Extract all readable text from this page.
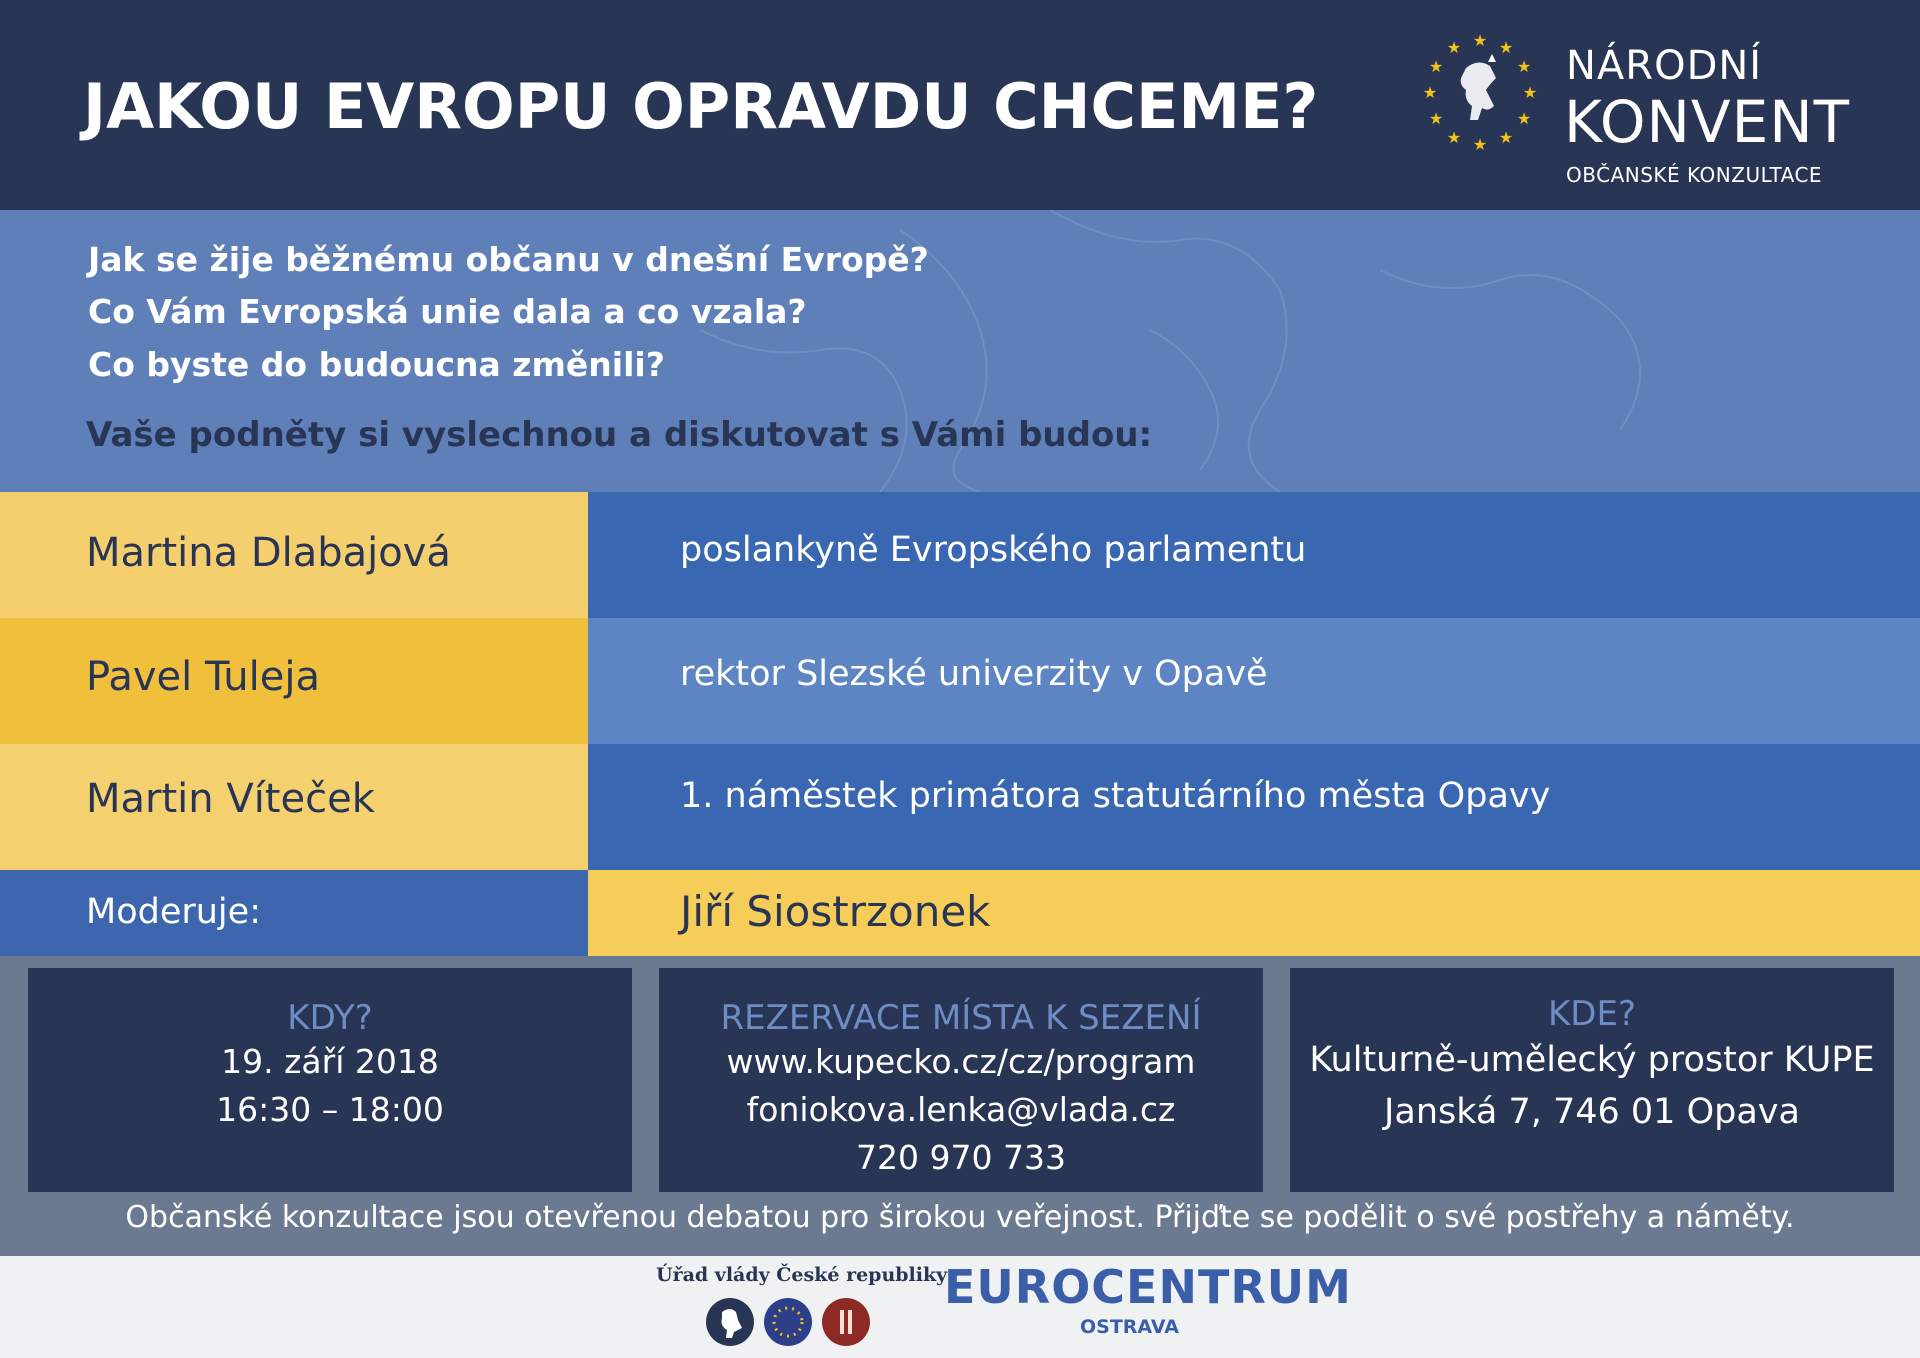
JAKOU EVROPU OPRAVDU CHCEME?
★ ★
★
★
★
★
★
★
★
★
★
★	NÁRODNÍ
KONVENT
OBČANSKÉ KONZULTACE
Jak se žije běžnému občanu v dnešní Evropě?
Co Vám Evropská unie dala a co vzala?
Co byste do budoucna změnili?
Vaše podněty si vyslechnou a diskutovat s Vámi budou:
Martina Dlabajová	poslankyně Evropského parlamentu
Pavel Tuleja	rektor Slezské univerzity v Opavě
Martin Víteček	1. náměstek primátora statutárního města Opavy
Moderuje:	Jiří Siostrzonek
KDY?
19. září 2018
16:30 – 18:00
REZERVACE MÍSTA K SEZENÍ
www.kupecko.cz/cz/program
foniokova.lenka@vlada.cz
720 970 733
KDE?
Kulturně-umělecký prostor KUPE
Janská 7, 746 01 Opava
Občanské konzultace jsou otevřenou debatou pro širokou veřejnost. Přijďte se podělit o své postřehy a náměty.
Úřad vlády České republiky
EUROCENTRUM
OSTRAVA
